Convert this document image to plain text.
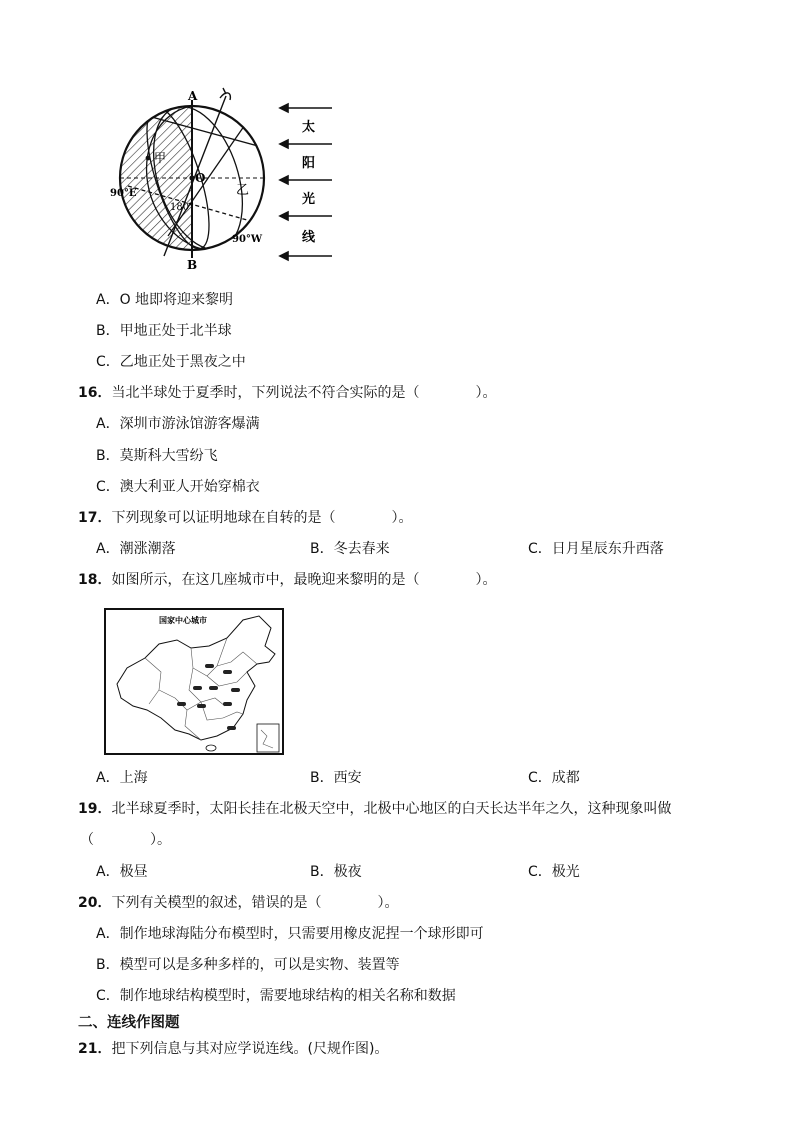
A
B
O
甲
乙
90°E
90°W
180°
太
阳
光
线
A．O 地即将迎来黎明
B．甲地正处于北半球
C．乙地正处于黑夜之中
16．当北半球处于夏季时，下列说法不符合实际的是（　　　　）。
A．深圳市游泳馆游客爆满
B．莫斯科大雪纷飞
C．澳大利亚人开始穿棉衣
17．下列现象可以证明地球在自转的是（　　　　）。
A．潮涨潮落	B．冬去春来	C．日月星辰东升西落
18．如图所示，在这几座城市中，最晚迎来黎明的是（　　　　）。
国家中心城市
A．上海	B．西安	C．成都
19．北半球夏季时，太阳长挂在北极天空中，北极中心地区的白天长达半年之久，这种现象叫做
（　　　　）。
A．极昼	B．极夜	C．极光
20．下列有关模型的叙述，错误的是（　　　　）。
A．制作地球海陆分布模型时，只需要用橡皮泥捏一个球形即可
B．模型可以是多种多样的，可以是实物、装置等
C．制作地球结构模型时，需要地球结构的相关名称和数据
二、连线作图题
21．把下列信息与其对应学说连线。(尺规作图)。
